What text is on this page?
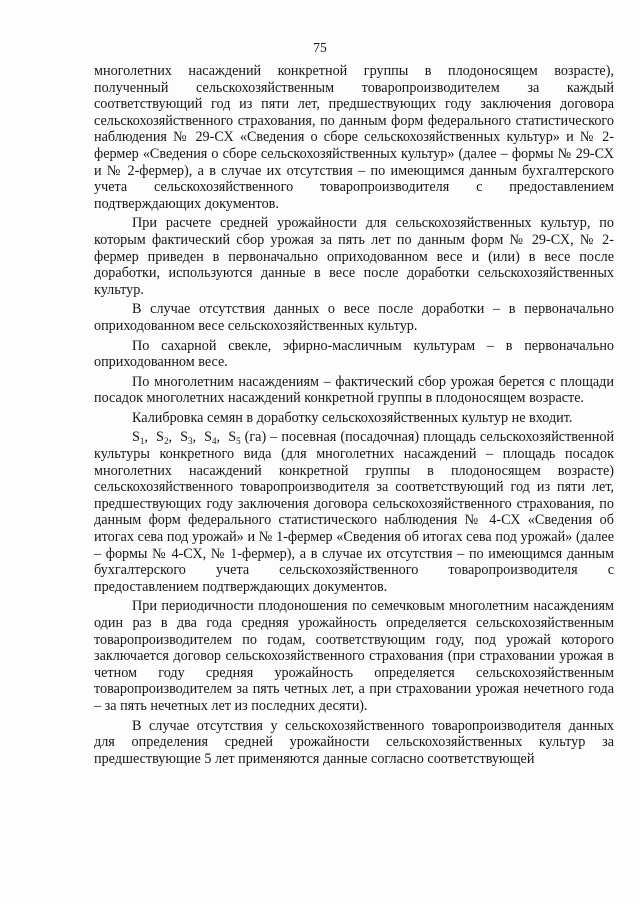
75

многолетних насаждений конкретной группы в плодоносящем возрасте), полученный сельскохозяйственным товаропроизводителем за каждый соответствующий год из пяти лет, предшествующих году заключения договора сельскохозяйственного страхования, по данным форм федерального статистического наблюдения № 29-СХ «Сведения о сборе сельскохозяйственных культур» и № 2-фермер «Сведения о сборе сельскохозяйственных культур» (далее – формы № 29-СХ и № 2-фермер), а в случае их отсутствия – по имеющимся данным бухгалтерского учета сельскохозяйственного товаропроизводителя с предоставлением подтверждающих документов.

При расчете средней урожайности для сельскохозяйственных культур, по которым фактический сбор урожая за пять лет по данным форм № 29-СХ, № 2-фермер приведен в первоначально оприходованном весе и (или) в весе после доработки, используются данные в весе после доработки сельскохозяйственных культур.

В случае отсутствия данных о весе после доработки – в первоначально оприходованном весе сельскохозяйственных культур.

По сахарной свекле, эфирно-масличным культурам – в первоначально оприходованном весе.

По многолетним насаждениям – фактический сбор урожая берется с площади посадок многолетних насаждений конкретной группы в плодоносящем возрасте.

Калибровка семян в доработку сельскохозяйственных культур не входит.

$S_1$,  $S_2$,  $S_3$,  $S_4$,  $S_5$ (га) – посевная (посадочная) площадь сельскохозяйственной культуры конкретного вида (для многолетних насаждений – площадь посадок многолетних насаждений конкретной группы в плодоносящем возрасте) сельскохозяйственного товаропроизводителя за соответствующий год из пяти лет, предшествующих году заключения договора сельскохозяйственного страхования, по данным форм федерального статистического наблюдения № 4-СХ «Сведения об итогах сева под урожай» и № 1-фермер «Сведения об итогах сева под урожай» (далее – формы № 4-СХ, № 1-фермер), а в случае их отсутствия – по имеющимся данным бухгалтерского учета сельскохозяйственного товаропроизводителя с предоставлением подтверждающих документов.

При периодичности плодоношения по семечковым многолетним насаждениям один раз в два года средняя урожайность определяется сельскохозяйственным товаропроизводителем по годам, соответствующим году, под урожай которого заключается договор сельскохозяйственного страхования (при страховании урожая в четном году средняя урожайность определяется сельскохозяйственным товаропроизводителем за пять четных лет, а при страховании урожая нечетного года – за пять нечетных лет из последних десяти).

В случае отсутствия у сельскохозяйственного товаропроизводителя данных для определения средней урожайности сельскохозяйственных культур за предшествующие 5 лет применяются данные согласно соответствующей
